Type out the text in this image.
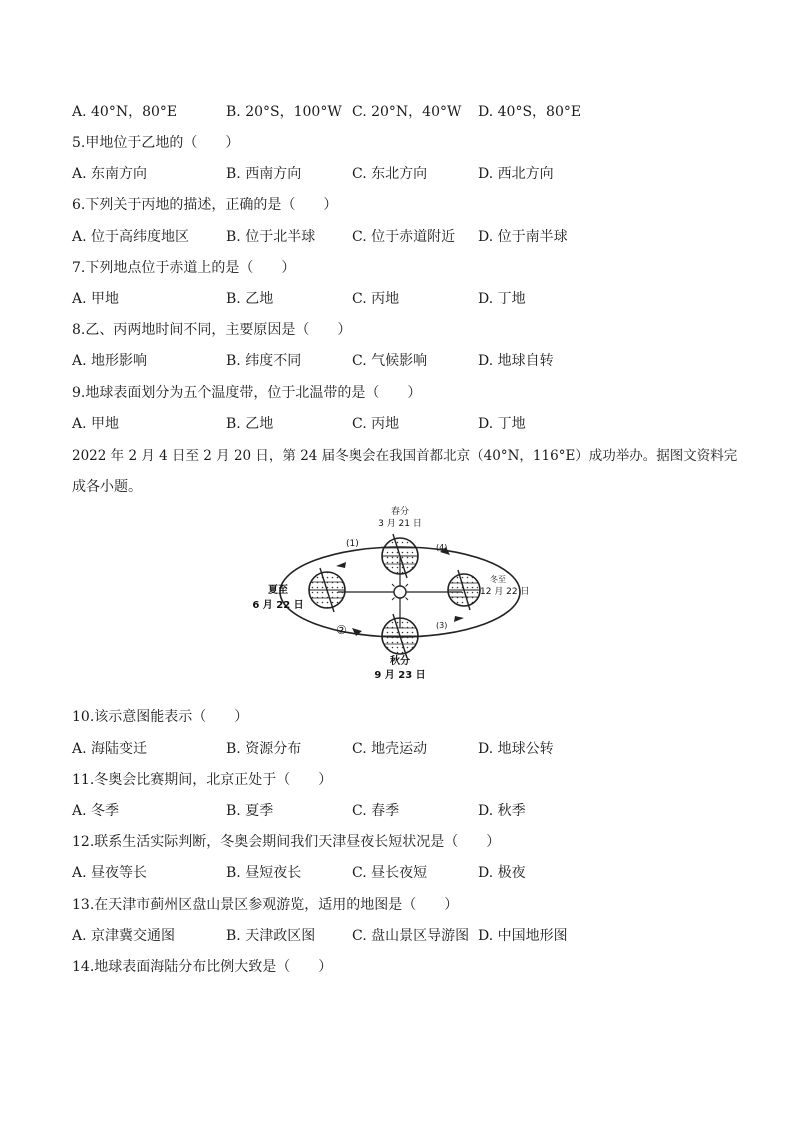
A. 40°N，80°E	B. 20°S，100°W C. 20°N，40°W D. 40°S，80°E
5.甲地位于乙地的（　　）
A. 东南方向	B. 西南方向	C. 东北方向	D. 西北方向
6.下列关于丙地的描述，正确的是（　　）
A. 位于高纬度地区	B. 位于北半球	C. 位于赤道附近 D. 位于南半球
7.下列地点位于赤道上的是（　　）
A. 甲地	B. 乙地	C. 丙地	D. 丁地
8.乙、丙两地时间不同，主要原因是（　　）
A. 地形影响	B. 纬度不同	C. 气候影响	D. 地球自转
9.地球表面划分为五个温度带，位于北温带的是（　　）
A. 甲地	B. 乙地	C. 丙地	D. 丁地
2022 年 2 月 4 日至 2 月 20 日，第 24 届冬奥会在我国首都北京（40°N，116°E）成功举办。据图文资料完
成各小题。
春分
3 月 21 日
夏至
6 月 22 日
秋分
9 月 23 日
冬至
12 月 22 日
(1)
②	(3)
(4)
10.该示意图能表示（　　）
A. 海陆变迁	B. 资源分布	C. 地壳运动	D. 地球公转
11.冬奥会比赛期间，北京正处于（　　）
A. 冬季	B. 夏季	C. 春季	D. 秋季
12.联系生活实际判断，冬奥会期间我们天津昼夜长短状况是（　　）
A. 昼夜等长	B. 昼短夜长	C. 昼长夜短	D. 极夜
13.在天津市蓟州区盘山景区参观游览，适用的地图是（　　）
A. 京津冀交通图	B. 天津政区图	C. 盘山景区导游图 D. 中国地形图
14.地球表面海陆分布比例大致是（　　）
